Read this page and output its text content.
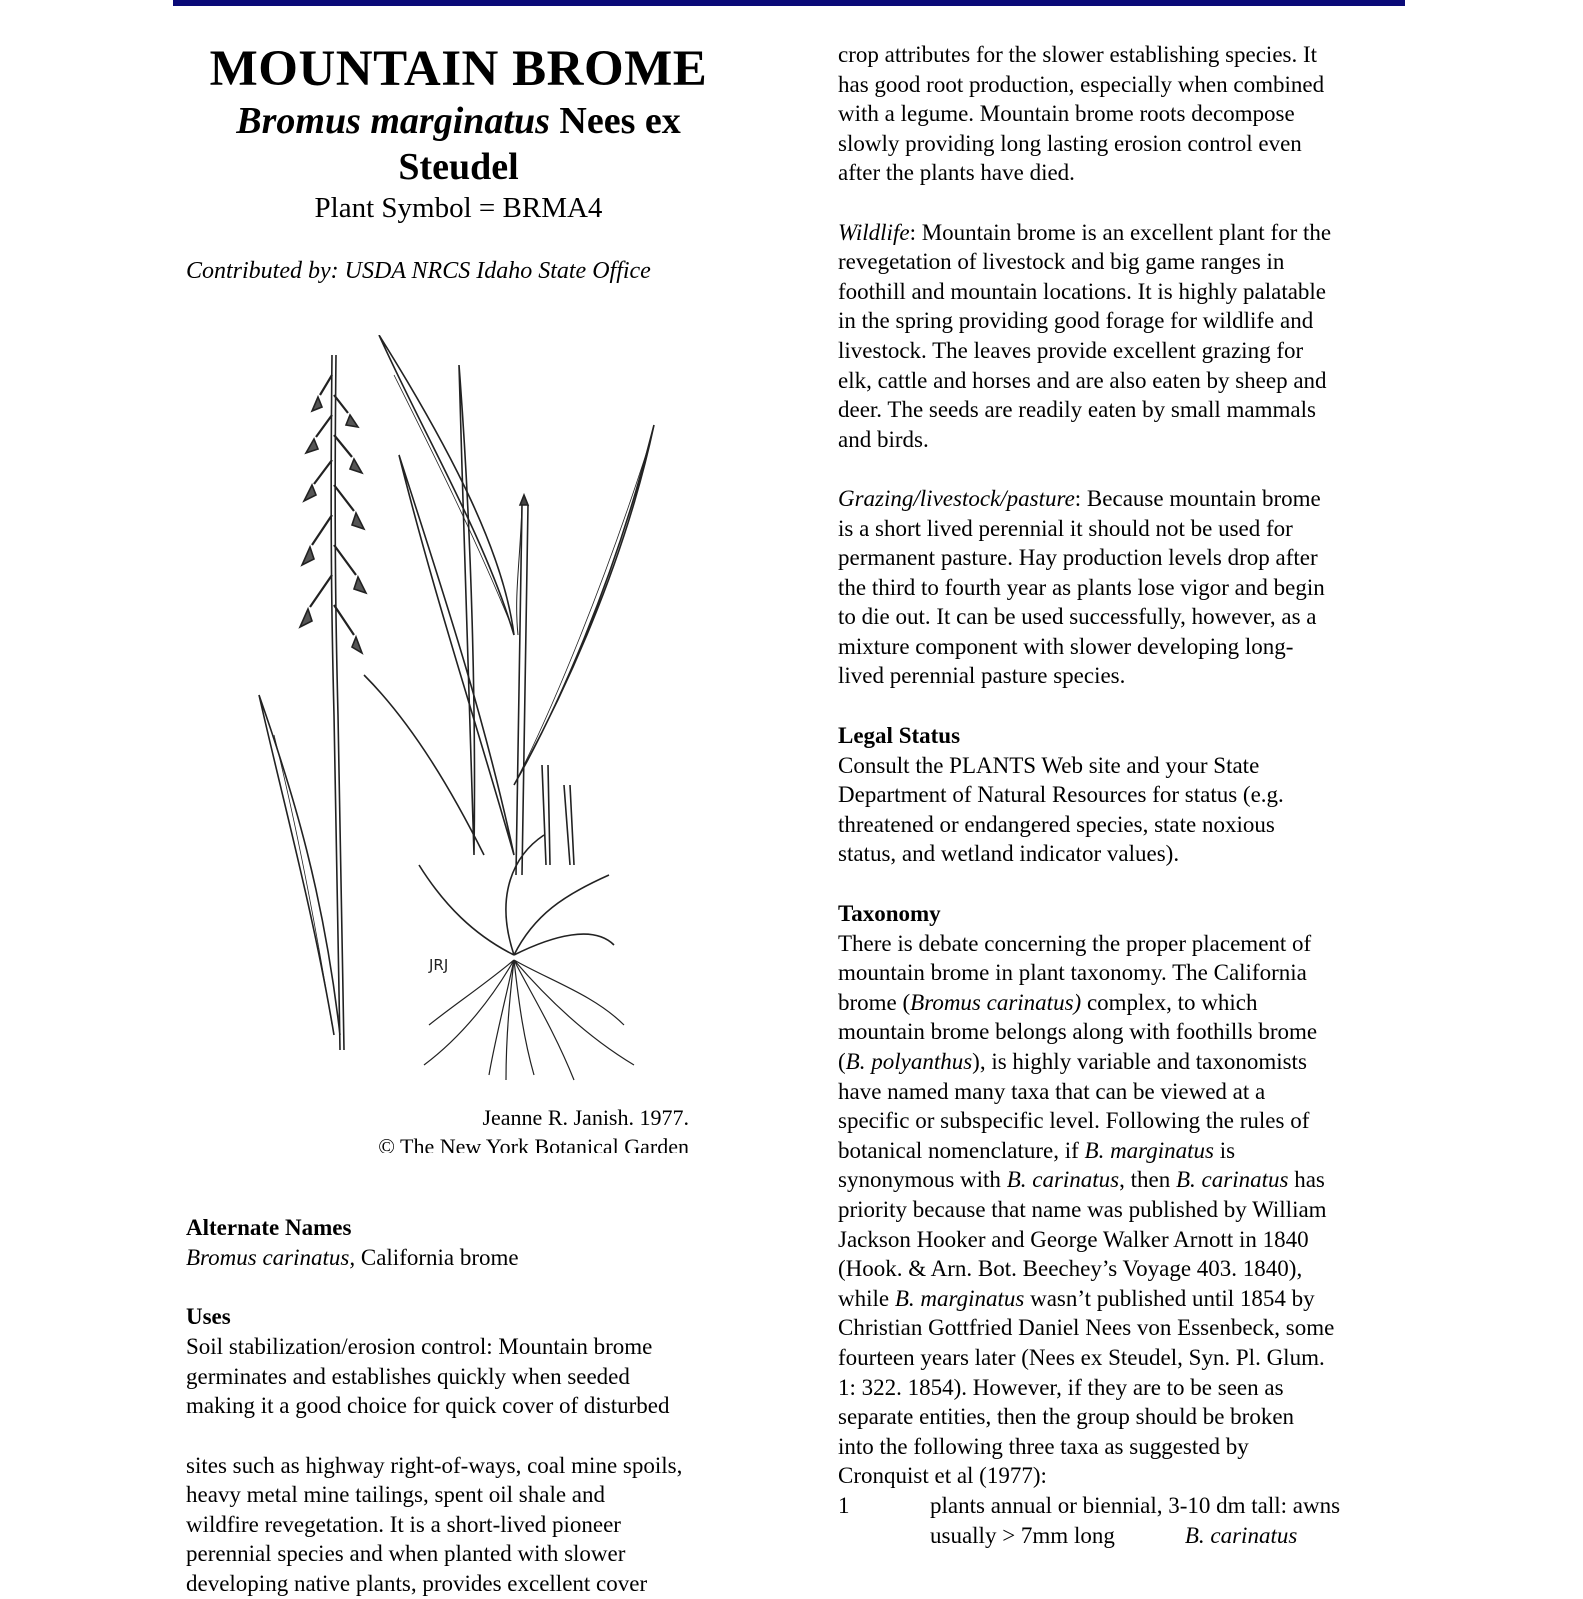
MOUNTAIN BROME
Bromus marginatus Nees ex
Steudel
Plant Symbol = BRMA4
Contributed by: USDA NRCS Idaho State Office
JRJ
Jeanne R. Janish. 1977.
© The New York Botanical Garden
Alternate Names
Bromus carinatus, California brome
Uses
Soil stabilization/erosion control: Mountain brome
germinates and establishes quickly when seeded
making it a good choice for quick cover of disturbed
sites such as highway right-of-ways, coal mine spoils,
heavy metal mine tailings, spent oil shale and
wildfire revegetation. It is a short-lived pioneer
perennial species and when planted with slower
developing native plants, provides excellent cover
crop attributes for the slower establishing species. It
has good root production, especially when combined
with a legume. Mountain brome roots decompose
slowly providing long lasting erosion control even
after the plants have died.
Wildlife: Mountain brome is an excellent plant for the
revegetation of livestock and big game ranges in
foothill and mountain locations. It is highly palatable
in the spring providing good forage for wildlife and
livestock. The leaves provide excellent grazing for
elk, cattle and horses and are also eaten by sheep and
deer. The seeds are readily eaten by small mammals
and birds.
Grazing/livestock/pasture: Because mountain brome
is a short lived perennial it should not be used for
permanent pasture. Hay production levels drop after
the third to fourth year as plants lose vigor and begin
to die out. It can be used successfully, however, as a
mixture component with slower developing long-
lived perennial pasture species.
Legal Status
Consult the PLANTS Web site and your State
Department of Natural Resources for status (e.g.
threatened or endangered species, state noxious
status, and wetland indicator values).
Taxonomy
There is debate concerning the proper placement of
mountain brome in plant taxonomy. The California
brome (Bromus carinatus) complex, to which
mountain brome belongs along with foothills brome
(B. polyanthus), is highly variable and taxonomists
have named many taxa that can be viewed at a
specific or subspecific level. Following the rules of
botanical nomenclature, if B. marginatus is
synonymous with B. carinatus, then B. carinatus has
priority because that name was published by William
Jackson Hooker and George Walker Arnott in 1840
(Hook. & Arn. Bot. Beechey’s Voyage 403. 1840),
while B. marginatus wasn’t published until 1854 by
Christian Gottfried Daniel Nees von Essenbeck, some
fourteen years later (Nees ex Steudel, Syn. Pl. Glum.
1: 322. 1854). However, if they are to be seen as
separate entities, then the group should be broken
into the following three taxa as suggested by
Cronquist et al (1977):
1	plants annual or biennial, 3-10 dm tall: awns
usually > 7mm long	B. carinatus
